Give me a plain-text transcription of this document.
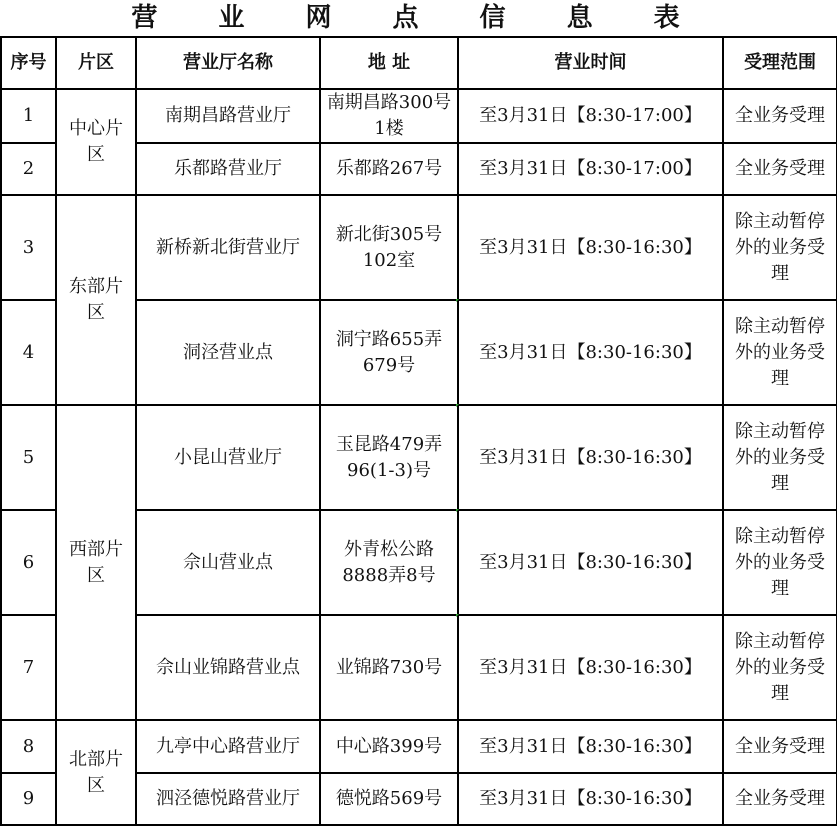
营 业 网 点 信 息 表
序号	片区	营业厅名称	地 址	营业时间	受理范围
1	中心片区	南期昌路营业厅	南期昌路300号1楼	至3月31日【8:30-17:00】	全业务受理
2		乐都路营业厅	乐都路267号	至3月31日【8:30-17:00】	全业务受理
3	东部片区	新桥新北街营业厅	新北街305号102室	至3月31日【8:30-16:30】	除主动暂停外的业务受理
4		洞泾营业点	洞宁路655弄679号	至3月31日【8:30-16:30】	除主动暂停外的业务受理
5	西部片区	小昆山营业厅	玉昆路479弄96(1-3)号	至3月31日【8:30-16:30】	除主动暂停外的业务受理
6		佘山营业点	外青松公路8888弄8号	至3月31日【8:30-16:30】	除主动暂停外的业务受理
7		佘山业锦路营业点	业锦路730号	至3月31日【8:30-16:30】	除主动暂停外的业务受理
8	北部片区	九亭中心路营业厅	中心路399号	至3月31日【8:30-16:30】	全业务受理
9		泗泾德悦路营业厅	德悦路569号	至3月31日【8:30-16:30】	全业务受理
